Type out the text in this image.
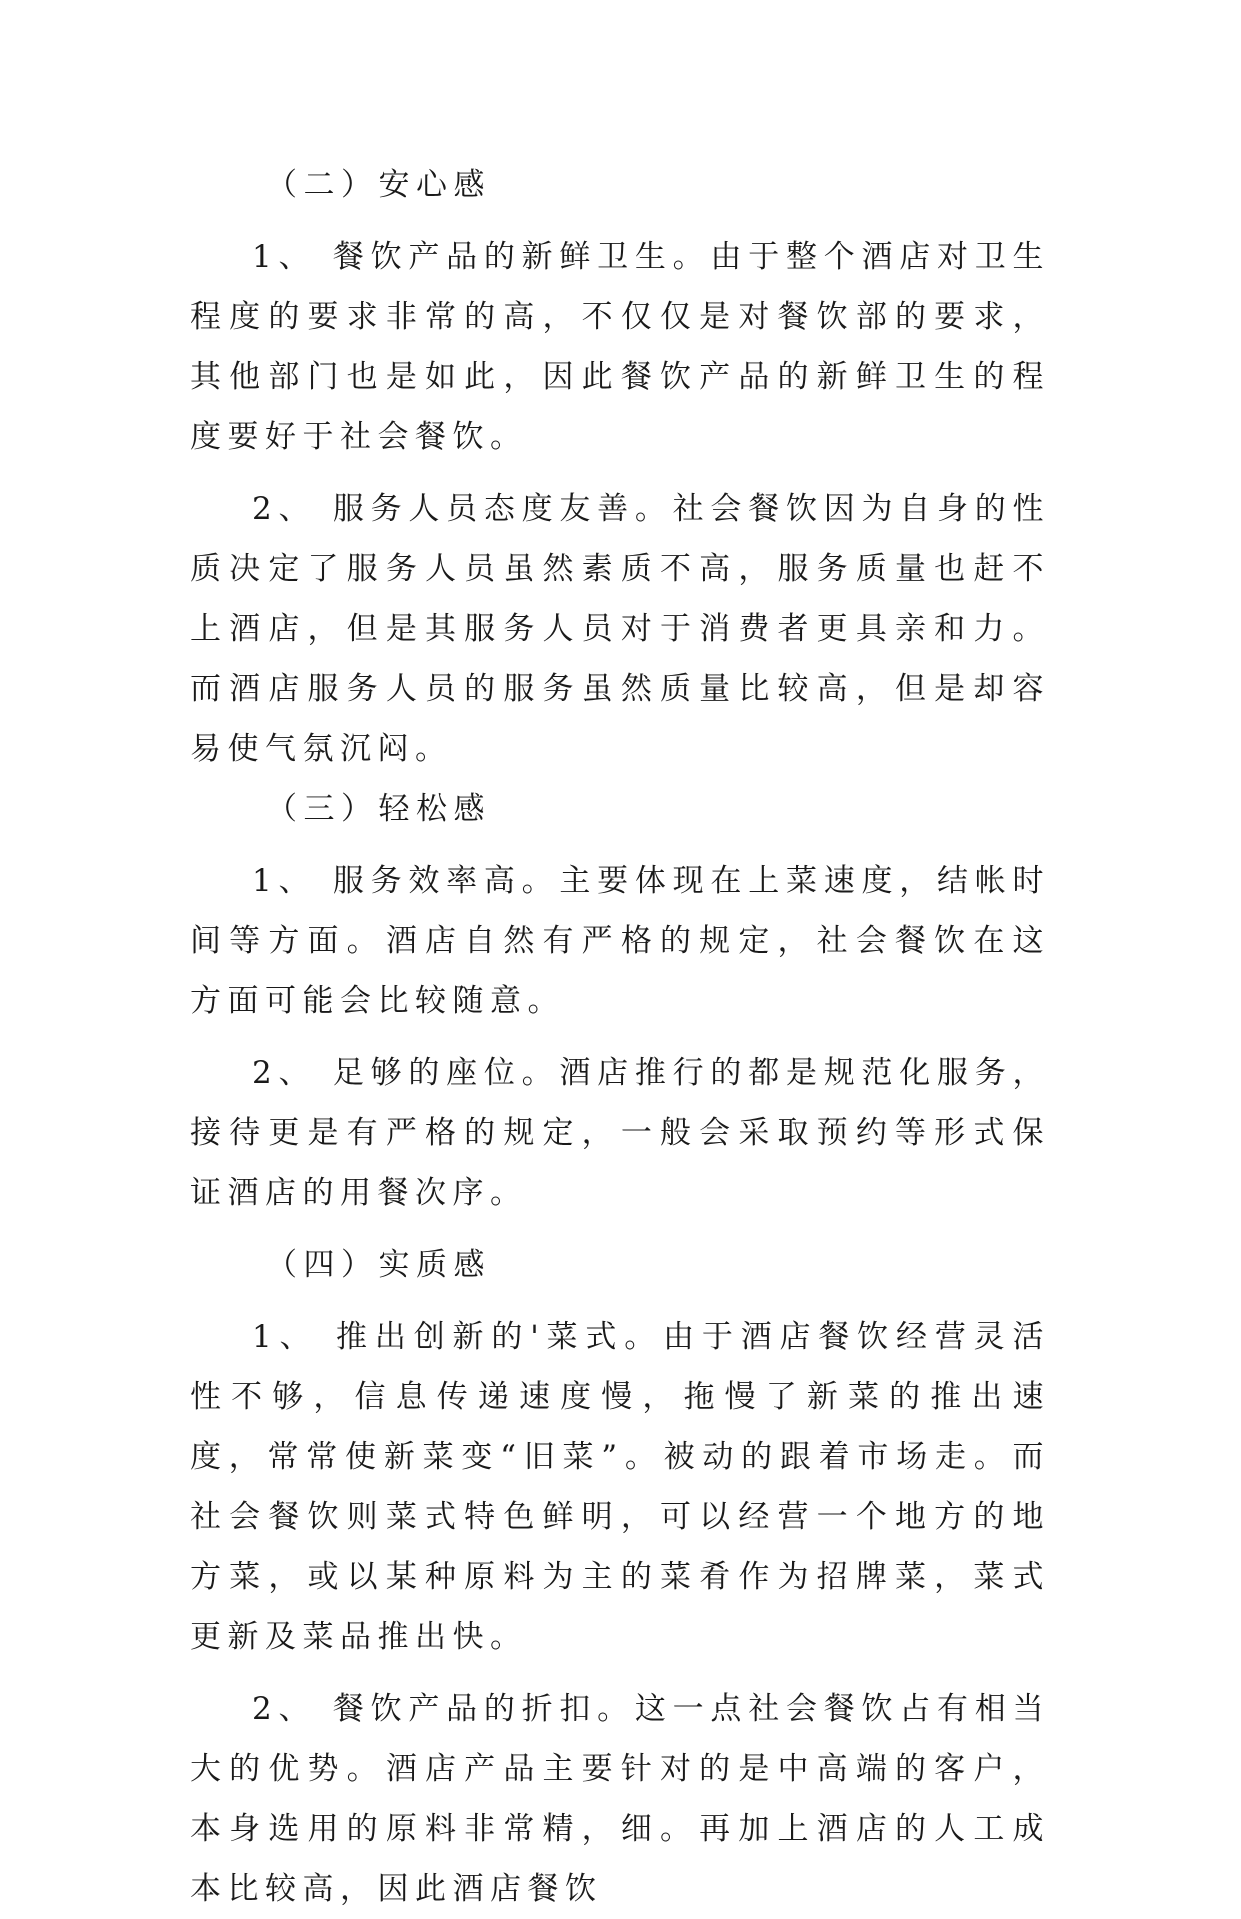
（二）安心感

1、 餐饮产品的新鲜卫生。由于整个酒店对卫生程度的要求非常的高，不仅仅是对餐饮部的要求，其他部门也是如此，因此餐饮产品的新鲜卫生的程度要好于社会餐饮。

2、 服务人员态度友善。社会餐饮因为自身的性质决定了服务人员虽然素质不高，服务质量也赶不上酒店，但是其服务人员对于消费者更具亲和力。而酒店服务人员的服务虽然质量比较高，但是却容易使气氛沉闷。

（三）轻松感

1、 服务效率高。主要体现在上菜速度，结帐时间等方面。酒店自然有严格的规定，社会餐饮在这方面可能会比较随意。

2、 足够的座位。酒店推行的都是规范化服务，接待更是有严格的规定，一般会采取预约等形式保证酒店的用餐次序。

（四）实质感

1、 推出创新的'菜式。由于酒店餐饮经营灵活性不够，信息传递速度慢，拖慢了新菜的推出速度，常常使新菜变“旧菜”。被动的跟着市场走。而社会餐饮则菜式特色鲜明，可以经营一个地方的地方菜，或以某种原料为主的菜肴作为招牌菜，菜式更新及菜品推出快。

2、 餐饮产品的折扣。这一点社会餐饮占有相当大的优势。酒店产品主要针对的是中高端的客户，本身选用的原料非常精，细。再加上酒店的人工成本比较高，因此酒店餐饮
